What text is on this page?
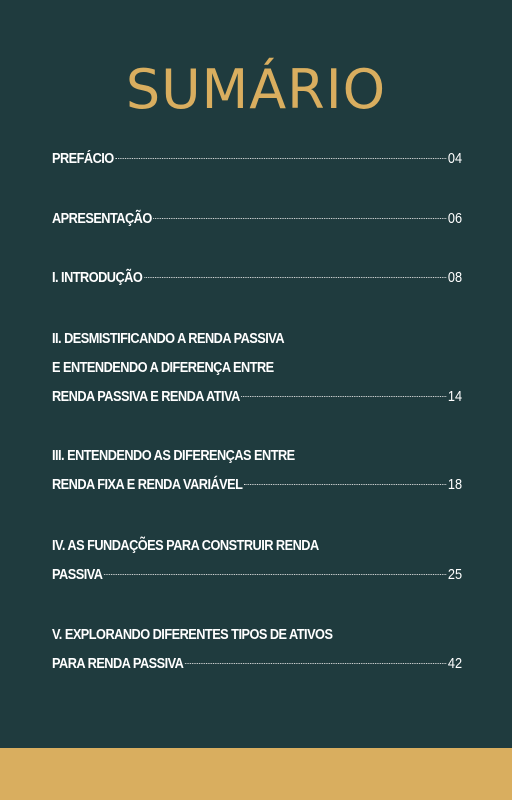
SUMÁRIO
PREFÁCIO	04
APRESENTAÇÃO	06
I. INTRODUÇÃO	08
II. DESMISTIFICANDO A RENDA PASSIVA
E ENTENDENDO A DIFERENÇA ENTRE
RENDA PASSIVA E RENDA ATIVA	14
III. ENTENDENDO AS DIFERENÇAS ENTRE
RENDA FIXA E RENDA VARIÁVEL	18
IV. AS FUNDAÇÕES PARA CONSTRUIR RENDA
PASSIVA	25
V. EXPLORANDO DIFERENTES TIPOS DE ATIVOS
PARA RENDA PASSIVA	42
